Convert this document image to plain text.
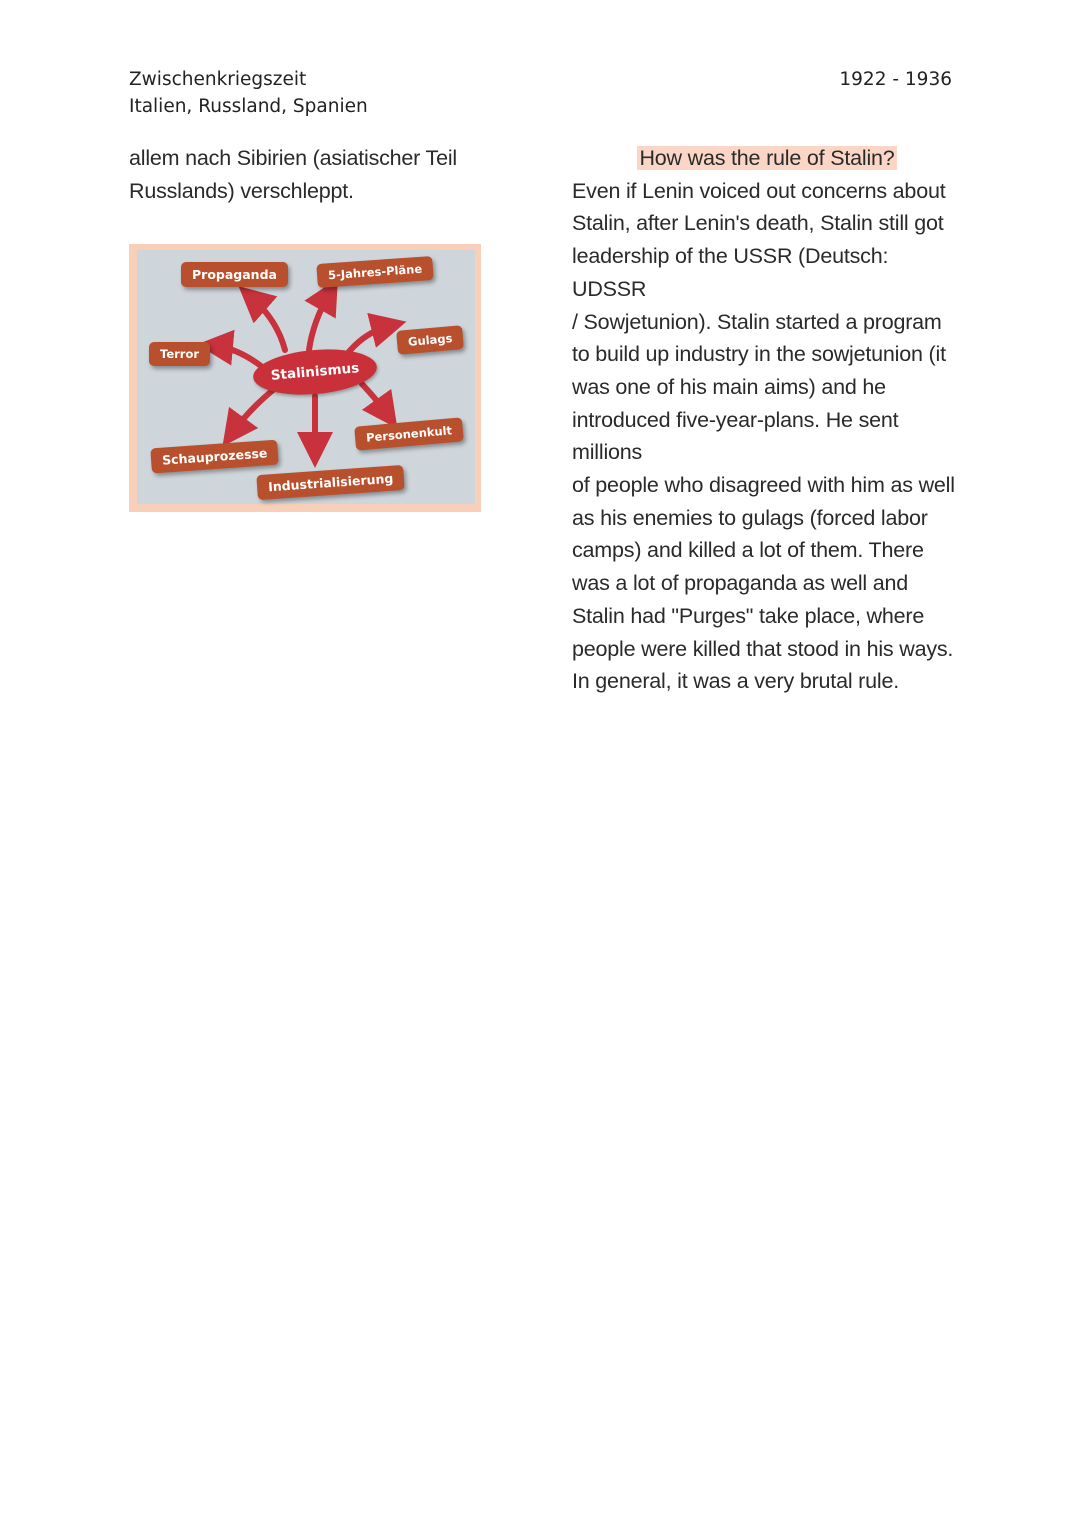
Zwischenkriegszeit
Italien, Russland, Spanien
1922 - 1936
allem nach Sibirien (asiatischer Teil
Russlands) verschleppt.
Propaganda	5-Jahres-Pläne
Gulags
Terror
Stalinismus
Personenkult
Schauprozesse
Industrialisierung
How was the rule of Stalin?
Even if Lenin voiced out concerns about
Stalin, after Lenin's death, Stalin still got
leadership of the USSR (Deutsch: UDSSR
/ Sowjetunion). Stalin started a program
to build up industry in the sowjetunion (it
was one of his main aims) and he
introduced five-year-plans. He sent millions
of people who disagreed with him as well
as his enemies to gulags (forced labor
camps) and killed a lot of them. There
was a lot of propaganda as well and
Stalin had "Purges" take place, where
people were killed that stood in his ways.
In general, it was a very brutal rule.
